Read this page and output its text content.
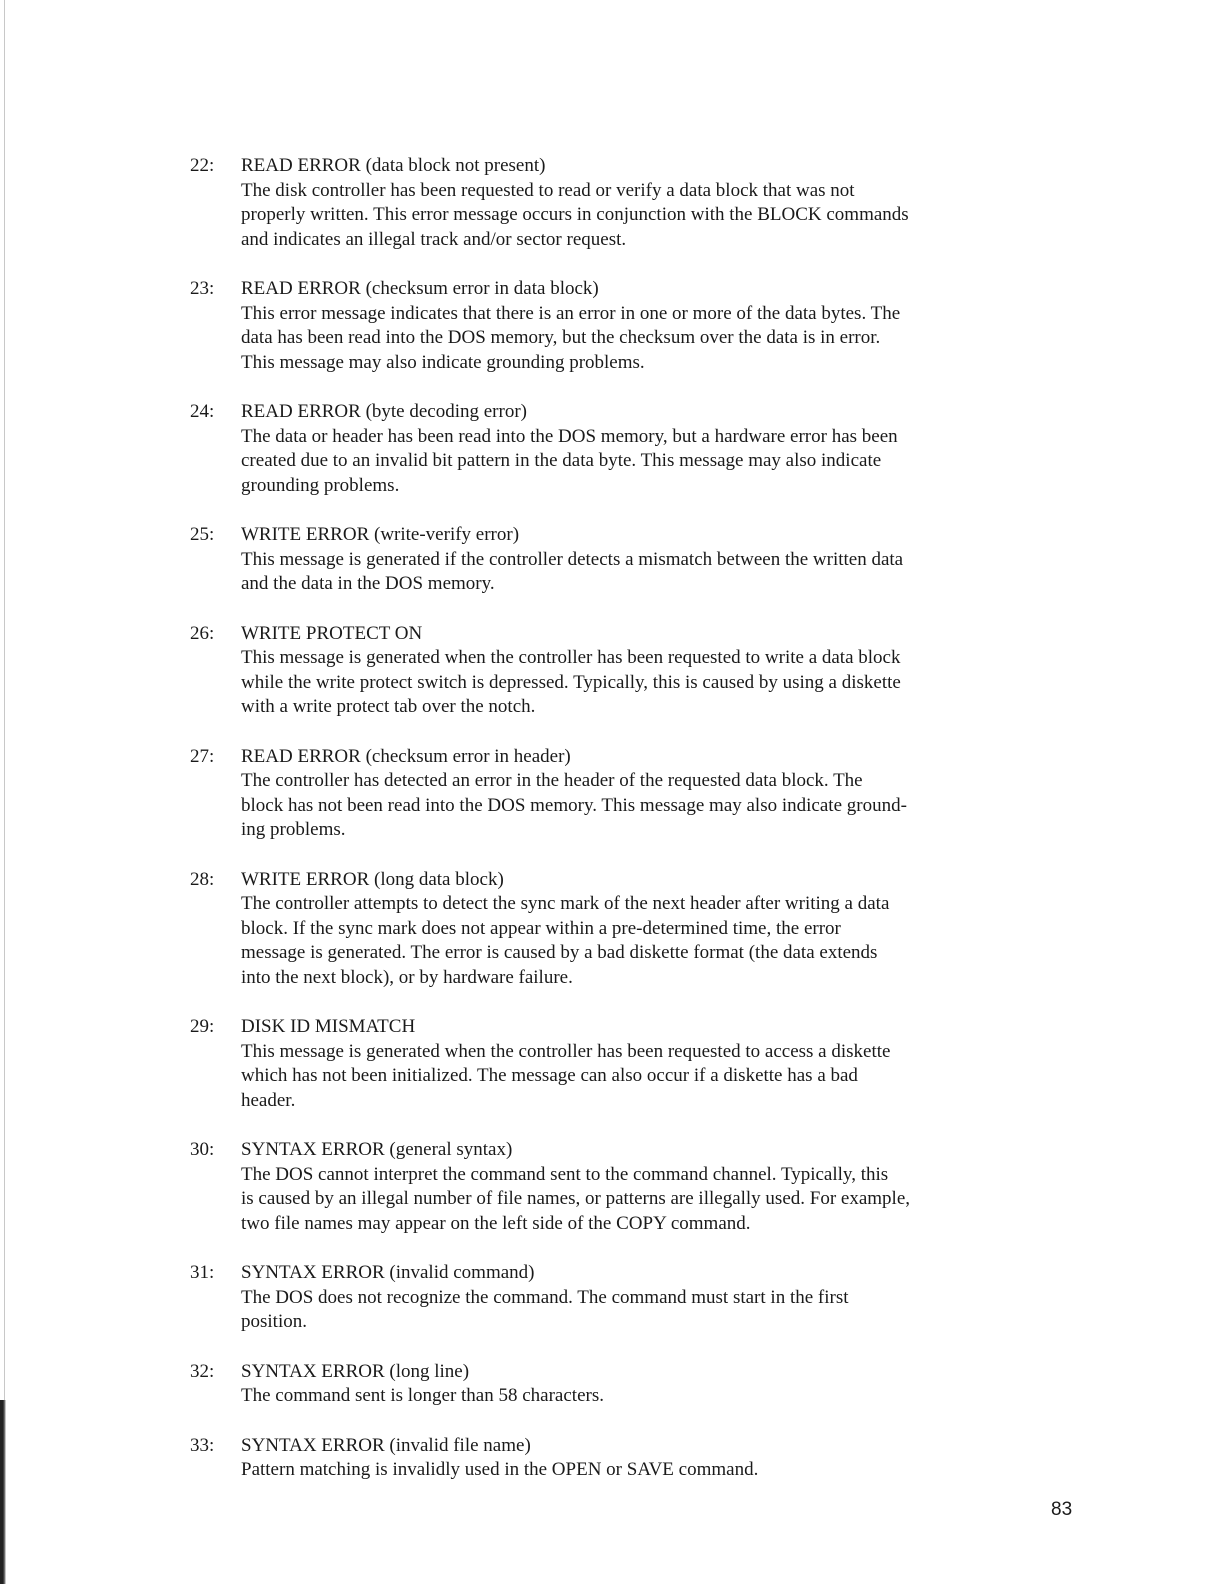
22:	READ ERROR (data block not present)
The disk controller has been requested to read or verify a data block that was not
properly written. This error message occurs in conjunction with the BLOCK commands
and indicates an illegal track and/or sector request.
23:	READ ERROR (checksum error in data block)
This error message indicates that there is an error in one or more of the data bytes. The
data has been read into the DOS memory, but the checksum over the data is in error.
This message may also indicate grounding problems.
24:	READ ERROR (byte decoding error)
The data or header has been read into the DOS memory, but a hardware error has been
created due to an invalid bit pattern in the data byte. This message may also indicate
grounding problems.
25:	WRITE ERROR (write-verify error)
This message is generated if the controller detects a mismatch between the written data
and the data in the DOS memory.
26:	WRITE PROTECT ON
This message is generated when the controller has been requested to write a data block
while the write protect switch is depressed. Typically, this is caused by using a diskette
with a write protect tab over the notch.
27:	READ ERROR (checksum error in header)
The controller has detected an error in the header of the requested data block. The
block has not been read into the DOS memory. This message may also indicate ground-
ing problems.
28:	WRITE ERROR (long data block)
The controller attempts to detect the sync mark of the next header after writing a data
block. If the sync mark does not appear within a pre-determined time, the error
message is generated. The error is caused by a bad diskette format (the data extends
into the next block), or by hardware failure.
29:	DISK ID MISMATCH
This message is generated when the controller has been requested to access a diskette
which has not been initialized. The message can also occur if a diskette has a bad
header.
30:	SYNTAX ERROR (general syntax)
The DOS cannot interpret the command sent to the command channel. Typically, this
is caused by an illegal number of file names, or patterns are illegally used. For example,
two file names may appear on the left side of the COPY command.
31:	SYNTAX ERROR (invalid command)
The DOS does not recognize the command. The command must start in the first
position.
32:	SYNTAX ERROR (long line)
The command sent is longer than 58 characters.
33:	SYNTAX ERROR (invalid file name)
Pattern matching is invalidly used in the OPEN or SAVE command.
83
